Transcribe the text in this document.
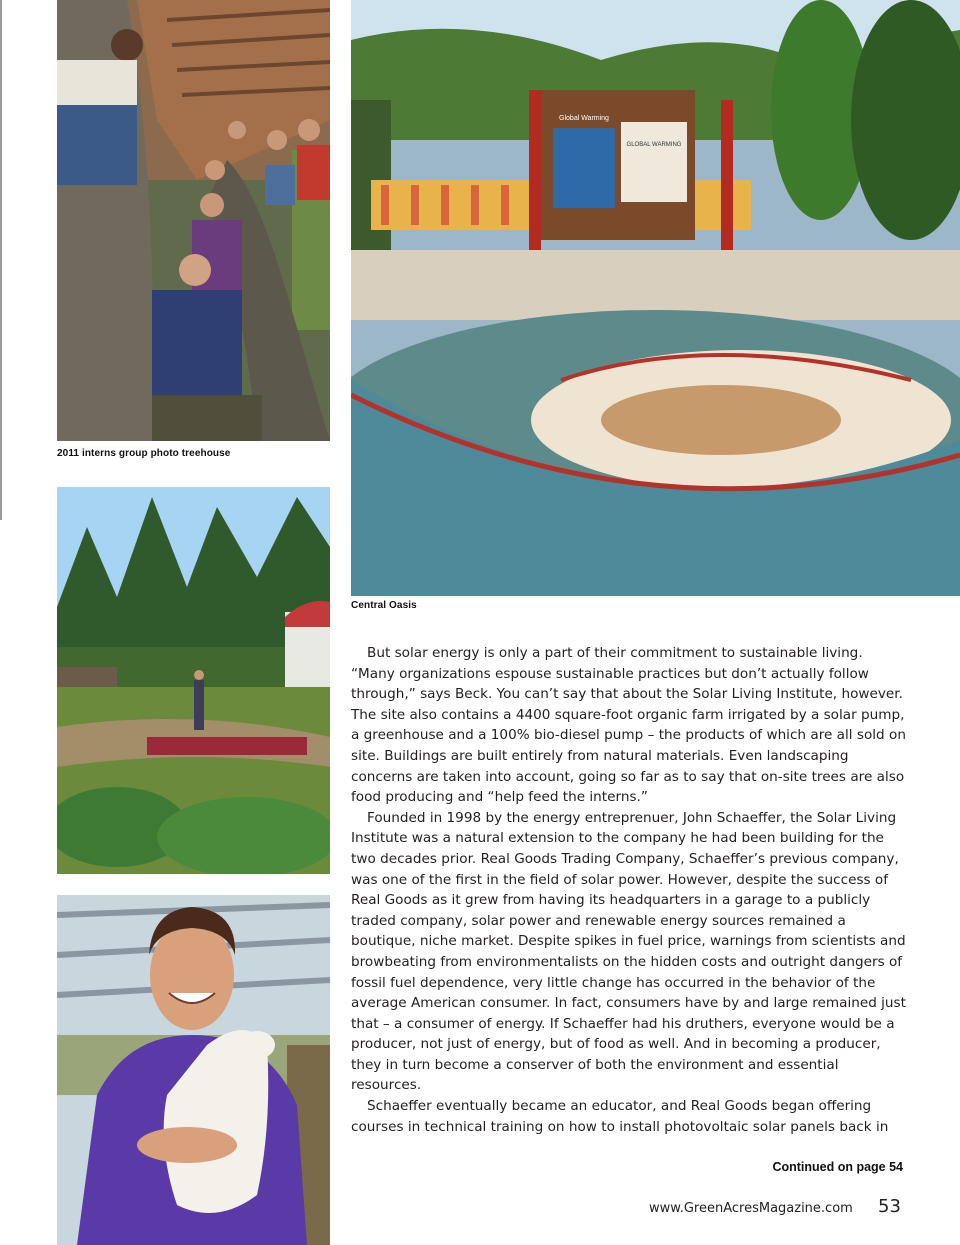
2011 interns group photo treehouse
Global Warming
GLOBAL WARMING
Central Oasis

But solar energy is only a part of their commitment to sustainable living. “Many organizations espouse sustainable practices but don’t actually follow through,” says Beck. You can’t say that about the Solar Living Institute, however. The site also contains a 4400 square-foot organic farm irrigated by a solar pump, a greenhouse and a 100% bio-diesel pump – the products of which are all sold on site. Buildings are built entirely from natural materials. Even landscaping concerns are taken into account, going so far as to say that on-site trees are also food producing and “help feed the interns.”

Founded in 1998 by the energy entreprenuer, John Schaeffer, the Solar Living Institute was a natural extension to the company he had been building for the two decades prior. Real Goods Trading Company, Schaeffer’s previous company, was one of the first in the field of solar power. However, despite the success of Real Goods as it grew from having its headquarters in a garage to a publicly traded company, solar power and renewable energy sources remained a boutique, niche market. Despite spikes in fuel price, warnings from scientists and browbeating from environmentalists on the hidden costs and outright dangers of fossil fuel dependence, very little change has occurred in the behavior of the average American consumer. In fact, consumers have by and large remained just that – a consumer of energy. If Schaeffer had his druthers, everyone would be a producer, not just of energy, but of food as well. And in becoming a producer, they in turn become a conserver of both the environment and essential resources.

Schaeffer eventually became an educator, and Real Goods began offering courses in technical training on how to install photovoltaic solar panels back in

Continued on page 54
www.GreenAcresMagazine.com 53
